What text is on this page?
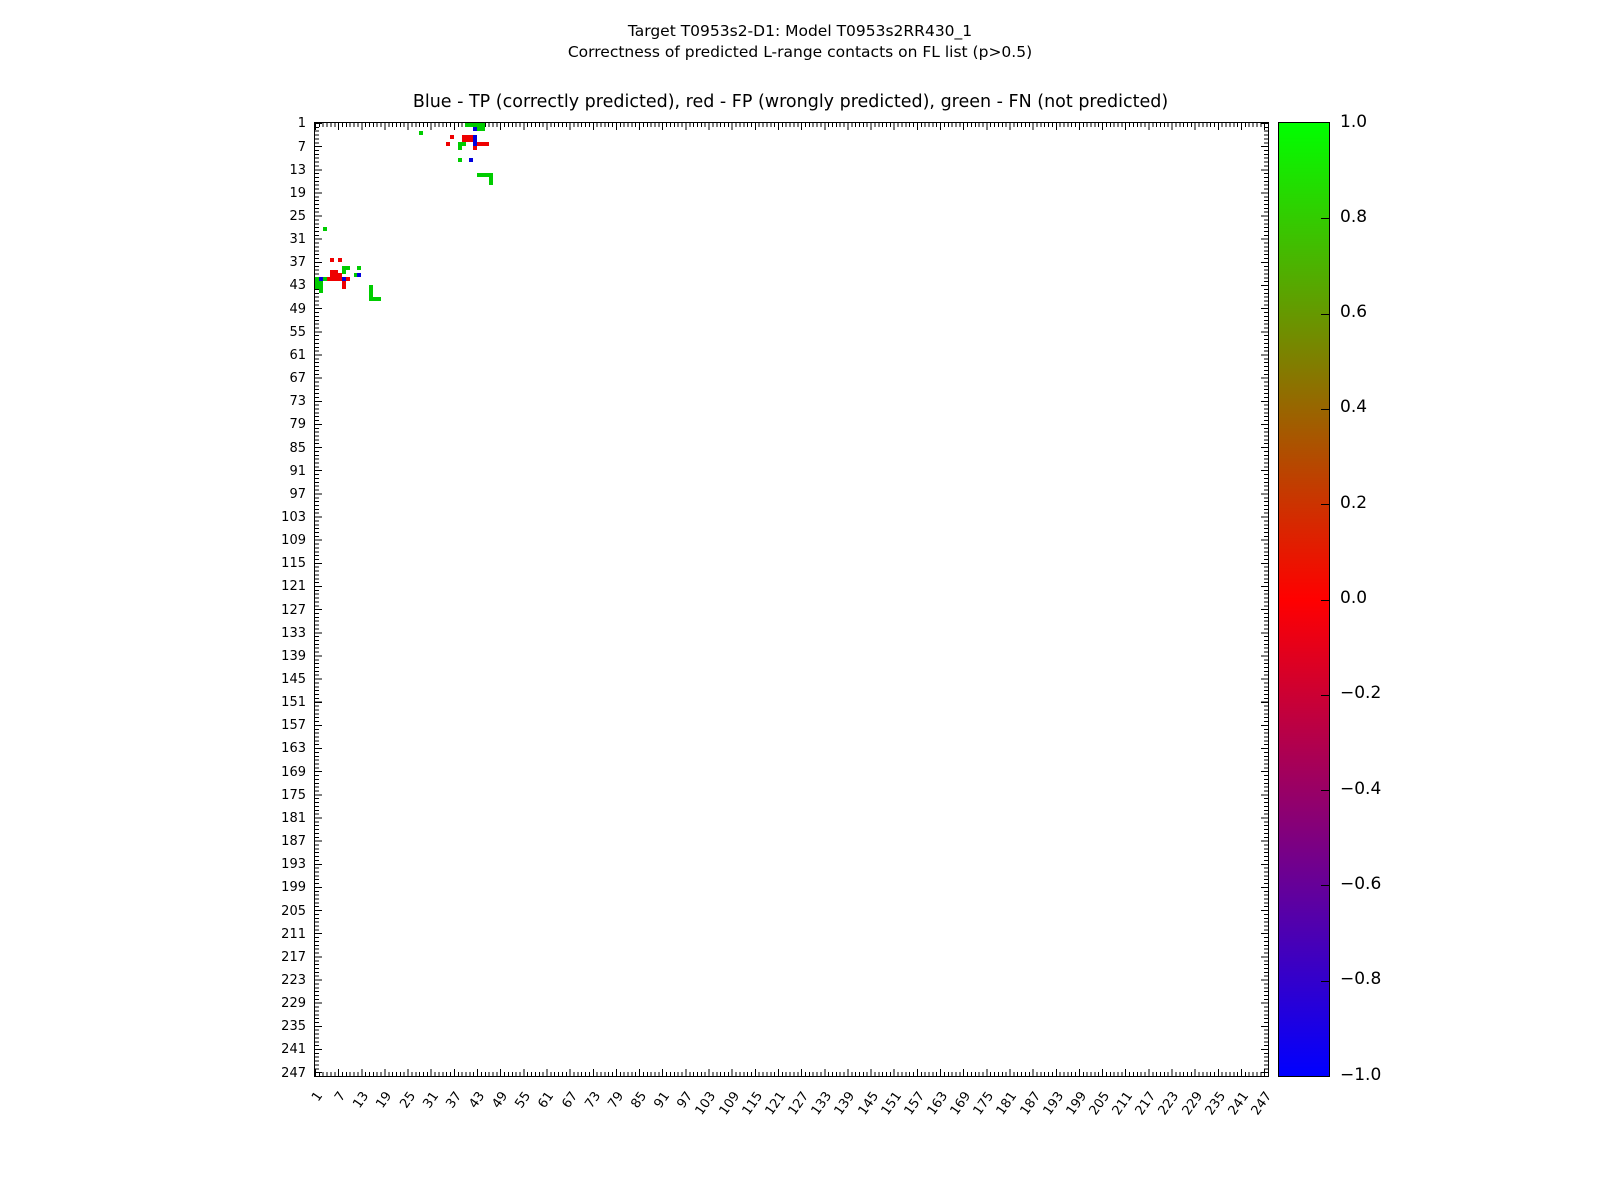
Target T0953s2-D1: Model T0953s2RR430_1
Correctness of predicted L-range contacts on FL list (p>0.5)
Blue - TP (correctly predicted), red - FP (wrongly predicted), green - FN (not predicted)
1
7
13
19
25
31
37
43
49
55
61
67
73
79
85
91
97
103
109
115
121
127
133
139
145
151
157
163
169
175
181
187
193
199
205
211
217
223
229
235
241
247
1 7 13 19 25 31 37 43 49 55 61 67 73 79 85 91 97
103
109
115
121
127
133
139
145
151
157
163
169
175
181
187
193
199
205
211
217
223
229
235
241
247
1.0
0.8
0.6
0.4
0.2
0.0
−0.2
−0.4
−0.6
−0.8
−1.0
